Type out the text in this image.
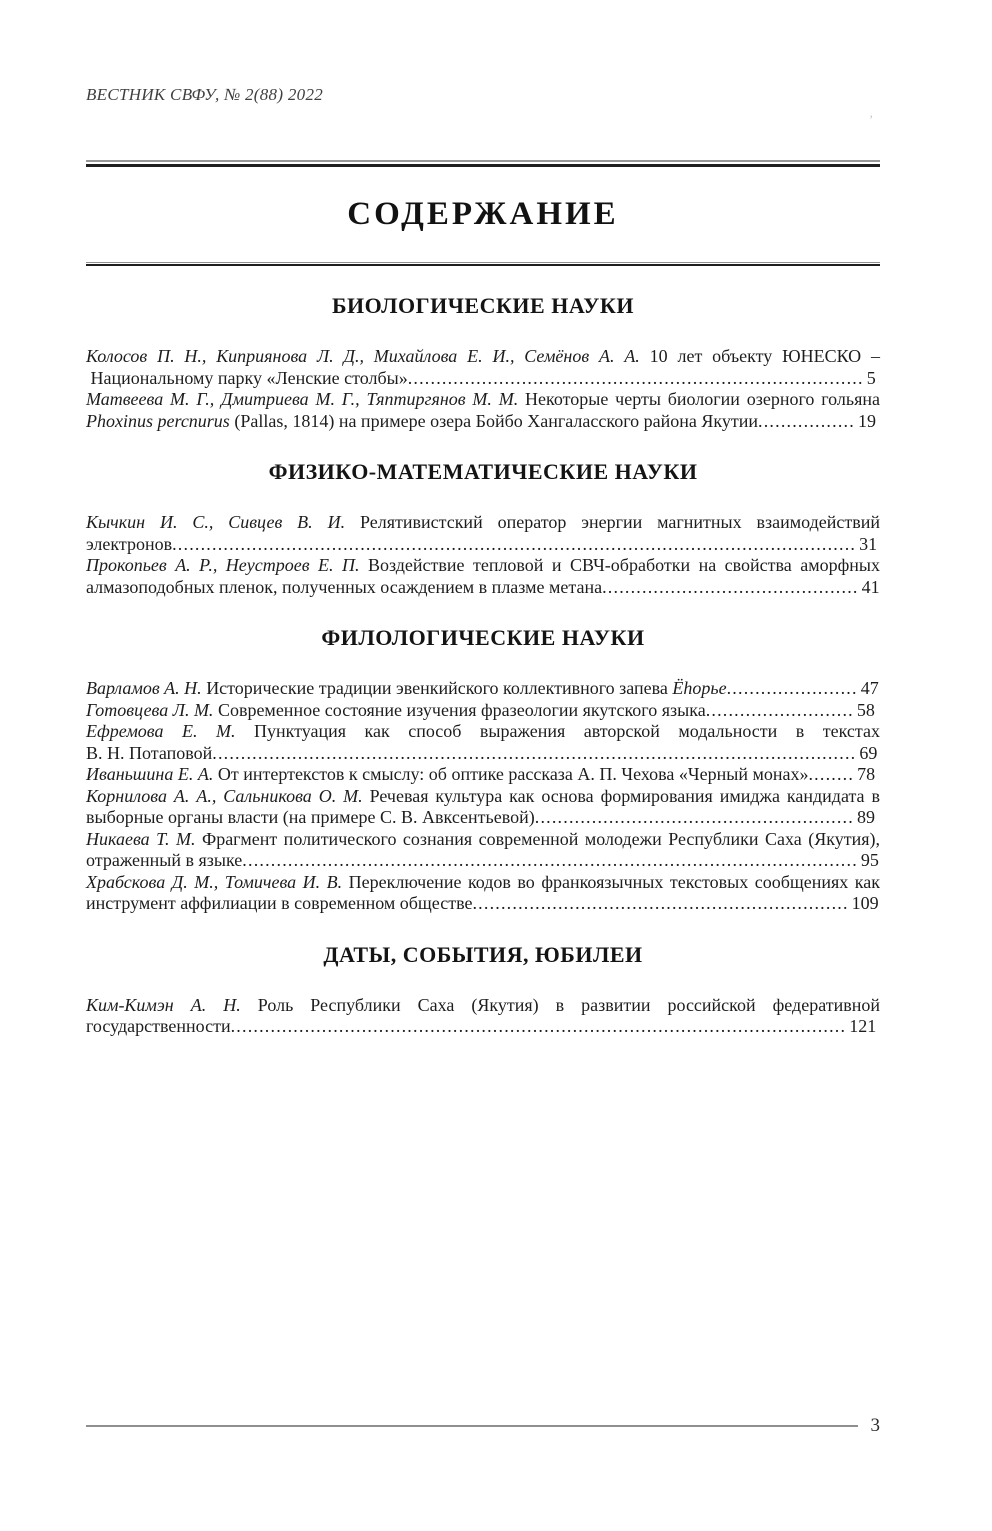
ВЕСТНИК СВФУ, № 2(88) 2022
СОДЕРЖАНИЕ
БИОЛОГИЧЕСКИЕ НАУКИ

Колосов П. Н., Киприянова Л. Д., Михайлова Е. И., Семёнов А. А. 10 лет объекту ЮНЕСКО – Национальному парку «Ленские столбы»................................................................................ 5

Матвеева М. Г., Дмитриева М. Г., Тяптиргянов М. М. Некоторые черты биологии озерного гольяна Phoxinus percnurus (Pallas, 1814) на примере озера Бойбо Хангаласского района Якутии................. 19

ФИЗИКО-МАТЕМАТИЧЕСКИЕ НАУКИ

Кычкин И. С., Сивцев В. И. Релятивистский оператор энергии магнитных взаимодействий электронов........................................................................................................................ 31

Прокопьев А. Р., Неустроев Е. П. Воздействие тепловой и СВЧ-обработки на свойства аморфных алмазоподобных пленок, полученных осаждением в плазме метана............................................. 41

ФИЛОЛОГИЧЕСКИЕ НАУКИ

Варламов А. Н. Исторические традиции эвенкийского коллективного запева Ёһорье....................... 47

Готовцева Л. М. Современное состояние изучения фразеологии якутского языка.......................... 58

Ефремова Е. М. Пунктуация как способ выражения авторской модальности в текстах В. Н. Потаповой................................................................................................................. 69

Иваньшина Е. А. От интертекстов к смыслу: об оптике рассказа А. П. Чехова «Черный монах»........ 78

Корнилова А. А., Сальникова О. М. Речевая культура как основа формирования имиджа кандидата в выборные органы власти (на примере С. В. Авксентьевой)........................................................ 89

Никаева Т. М. Фрагмент политического сознания современной молодежи Республики Саха (Якутия), отраженный в языке............................................................................................................ 95

Храбскова Д. М., Томичева И. В. Переключение кодов во франкоязычных текстовых сообщениях как инструмент аффилиации в современном обществе.................................................................. 109

ДАТЫ, СОБЫТИЯ, ЮБИЛЕИ

Ким-Кимэн А. Н. Роль Республики Саха (Якутия) в развитии российской федеративной государственности............................................................................................................ 121

ʼ
3
